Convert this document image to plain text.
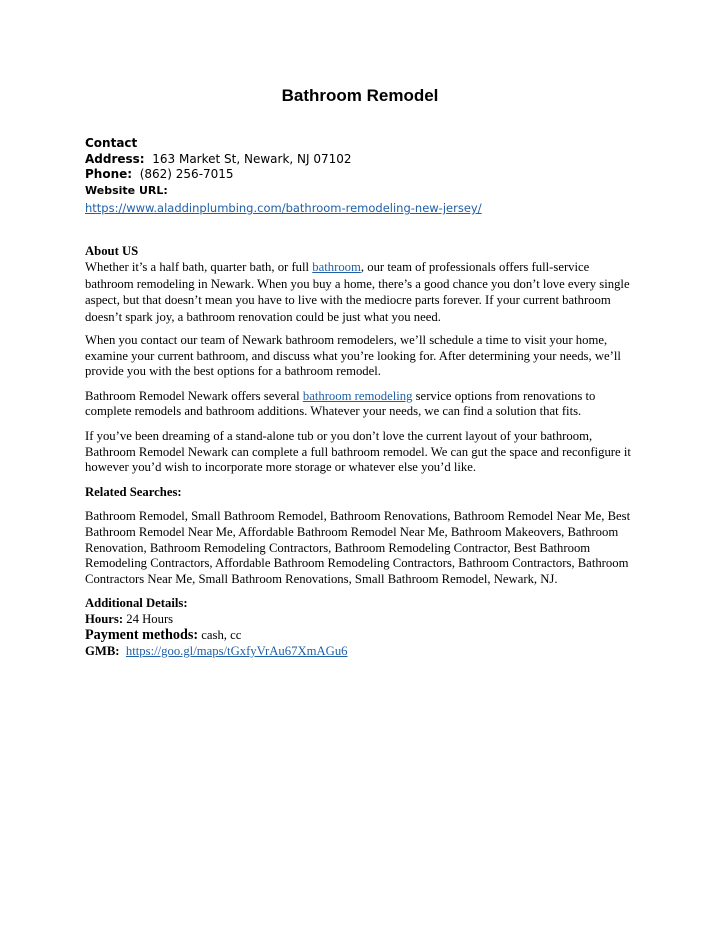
Bathroom Remodel
Contact
Address: 163 Market St, Newark, NJ 07102
Phone: (862) 256-7015
Website URL:
https://www.aladdinplumbing.com/bathroom-remodeling-new-jersey/

About US
Whether it’s a half bath, quarter bath, or full bathroom, our team of professionals offers full-service bathroom remodeling in Newark. When you buy a home, there’s a good chance you don’t love every single aspect, but that doesn’t mean you have to live with the mediocre parts forever. If your current bathroom doesn’t spark joy, a bathroom renovation could be just what you need.

When you contact our team of Newark bathroom remodelers, we’ll schedule a time to visit your home, examine your current bathroom, and discuss what you’re looking for. After determining your needs, we’ll provide you with the best options for a bathroom remodel.

Bathroom Remodel Newark offers several bathroom remodeling service options from renovations to complete remodels and bathroom additions. Whatever your needs, we can find a solution that fits.

If you’ve been dreaming of a stand-alone tub or you don’t love the current layout of your bathroom, Bathroom Remodel Newark can complete a full bathroom remodel. We can gut the space and reconfigure it however you’d wish to incorporate more storage or whatever else you’d like.

Related Searches:

Bathroom Remodel, Small Bathroom Remodel, Bathroom Renovations, Bathroom Remodel Near Me, Best Bathroom Remodel Near Me, Affordable Bathroom Remodel Near Me, Bathroom Makeovers, Bathroom Renovation, Bathroom Remodeling Contractors, Bathroom Remodeling Contractor, Best Bathroom Remodeling Contractors, Affordable Bathroom Remodeling Contractors, Bathroom Contractors, Bathroom Contractors Near Me, Small Bathroom Renovations, Small Bathroom Remodel, Newark, NJ.

Additional Details:
Hours: 24 Hours
Payment methods: cash, cc
GMB: https://goo.gl/maps/tGxfyVrAu67XmAGu6
